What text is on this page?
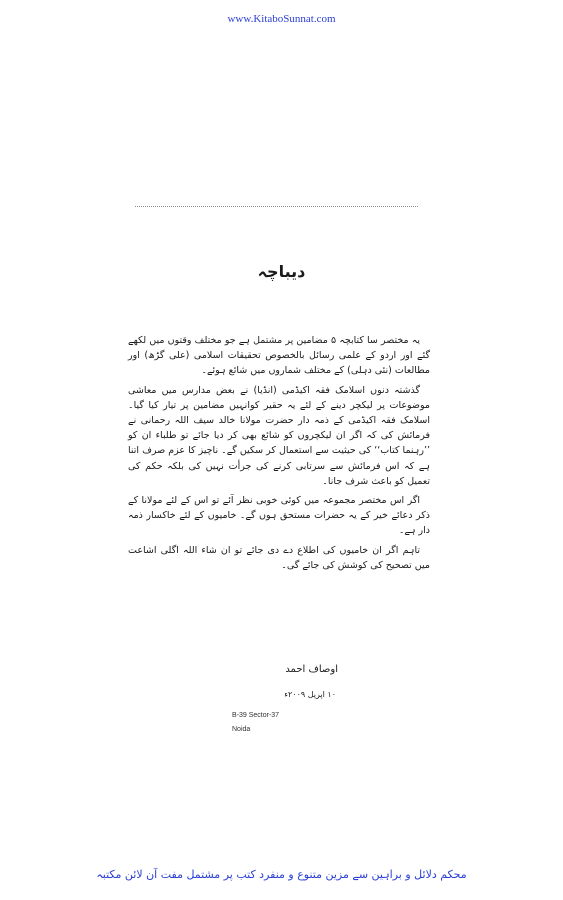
www.KitaboSunnat.com
دیباچہ

یہ مختصر سا کتابچہ ۵ مضامین پر مشتمل ہے جو مختلف وقتوں میں لکھے گئے اور اردو کے علمی رسائل بالخصوص تحقیقات اسلامی (علی گڑھ) اور مطالعات (نئی دہلی) کے مختلف شماروں میں شائع ہوئے۔

گذشتہ دنوں اسلامک فقہ اکیڈمی (انڈیا) نے بعض مدارس میں معاشی موضوعات پر لیکچر دینے کے لئے یہ حقیر کوانہیں مضامین پر تیار کیا گیا۔ اسلامک فقہ اکیڈمی کے ذمہ دار حضرت مولانا خالد سیف اللہ رحمانی نے فرمائش کی کہ اگر ان لیکچروں کو شائع بھی کر دیا جائے تو طلباء ان کو ’’رہنما کتاب‘‘ کی حیثیت سے استعمال کر سکیں گے۔ ناچیز کا عزم صرف اتنا ہے کہ اس فرمائش سے سرتابی کرنے کی جرأت نہیں کی بلکہ حکم کی تعمیل کو باعث شرف جانا۔

اگر اس مختصر مجموعہ میں کوئی خوبی نظر آئے تو اس کے لئے مولانا کے ذکر دعائے خیر کے یہ حضرات مستحق ہوں گے۔ خامیوں کے لئے خاکسار ذمہ دار ہے۔

تاہم اگر ان خامیوں کی اطلاع دے دی جائے تو ان شاء اللہ اگلی اشاعت میں تصحیح کی کوشش کی جائے گی۔

اوصاف احمد
۱۰ اپریل ۲۰۰۹ء
B-39 Sector-37
Noida
محکم دلائل و براہین سے مزین متنوع و منفرد کتب پر مشتمل مفت آن لائن مکتبہ
